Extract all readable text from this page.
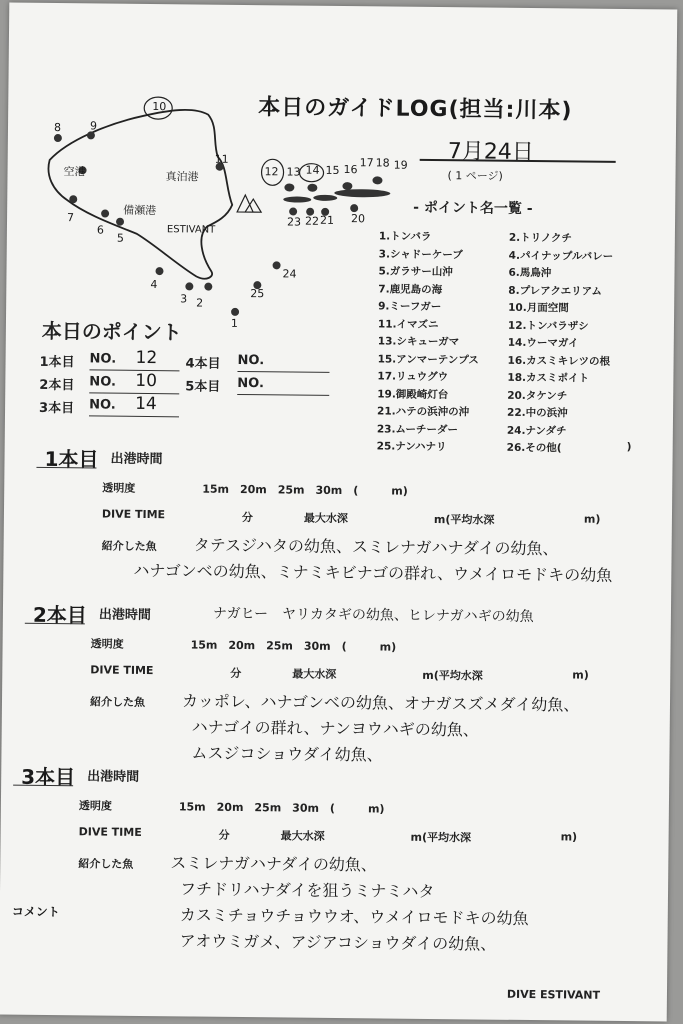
本日のガイドLOG(担当:川本)
7月24日
( 1 ページ)
8	9
10
11
12 13 14 15 16
17 18 19
20
21
22
23
24
25
1
2
3
4
5
6
7
空港	真泊港
備瀬港
ESTIVANT
- ポイント名一覧 -
1.トンバラ	2.トリノクチ
3.シャドーケーブ	4.パイナップルバレー
5.ガラサー山沖	6.馬鳥沖
7.鹿児島の海	8.プレアクエリアム
9.ミーフガー	10.月面空間
11.イマズニ	12.トンバラザシ
13.シキューガマ	14.ウーマガイ
15.アンマーテンプス	16.カスミキレツの根
17.リュウグウ	18.カスミポイト
19.御殿崎灯台	20.タケンチ
21.ハテの浜沖の沖	22.中の浜沖
23.ムーチーダー	24.ナンダチ
25.ナンハナリ	26.その他(	)
本日のポイント
1本目 NO. 12
2本目 NO. 10
3本目 NO. 14
4本目 NO.
5本目 NO.
1本目 出港時間
透明度	15m　20m　25m　30m　(　　　m)
DIVE TIME	分	最大水深	m(平均水深	m)
紹介した魚 タテスジハタの幼魚、スミレナガハナダイの幼魚、
ハナゴンベの幼魚、ミナミキビナゴの群れ、ウメイロモドキの幼魚
2本目 出港時間	ナガヒー　ヤリカタギの幼魚、ヒレナガハギの幼魚
透明度	15m　20m　25m　30m　(　　　m)
DIVE TIME	分	最大水深	m(平均水深	m)
紹介した魚 カッポレ、ハナゴンベの幼魚、オナガスズメダイ幼魚、
ハナゴイの群れ、ナンヨウハギの幼魚、
ムスジコショウダイ幼魚、
3本目 出港時間
透明度	15m　20m　25m　30m　(　　　m)
DIVE TIME	分	最大水深	m(平均水深	m)
紹介した魚 スミレナガハナダイの幼魚、
フチドリハナダイを狙うミナミハタ
カスミチョウチョウウオ、ウメイロモドキの幼魚
アオウミガメ、アジアコショウダイの幼魚、
コメント
DIVE ESTIVANT
